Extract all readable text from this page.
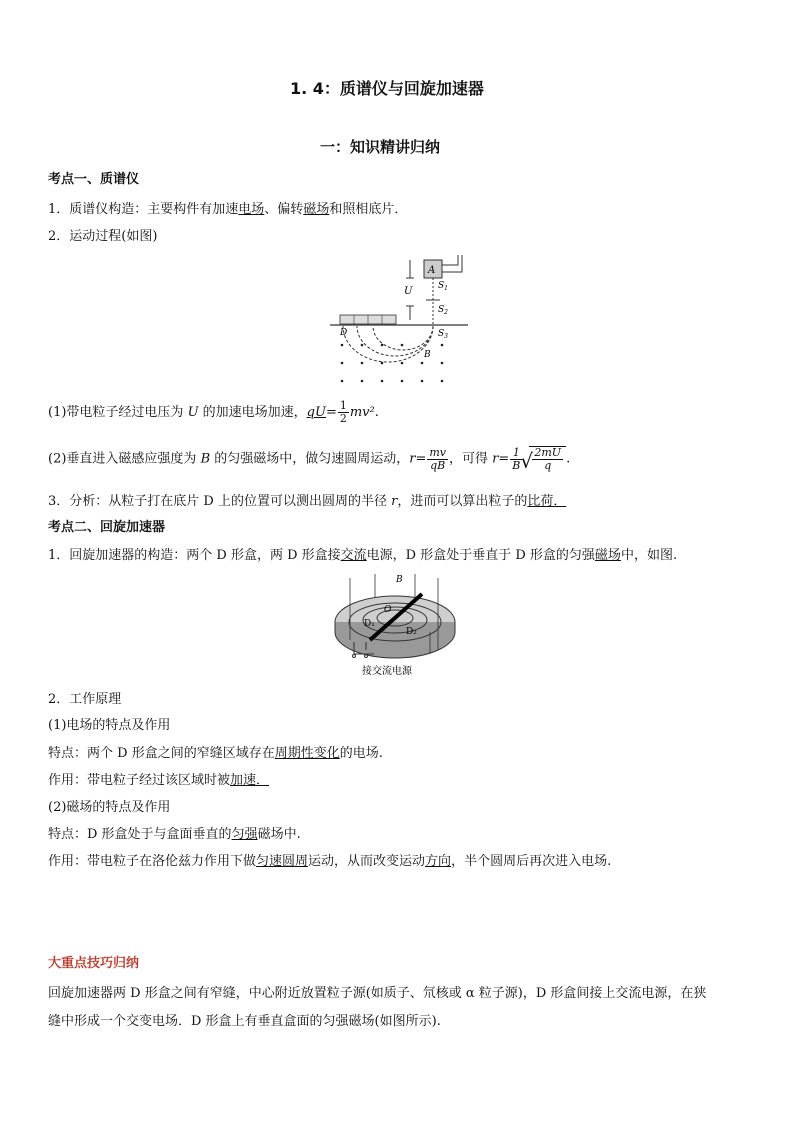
1. 4：质谱仪与回旋加速器
一：知识精讲归纳
考点一、质谱仪
1．质谱仪构造：主要构件有加速电场、偏转磁场和照相底片．
2．运动过程(如图)
A
U	$S_1$
$S_2$
D	$S_3$
B
(1)带电粒子经过电压为 U 的加速电场加速，$qU= \frac{1}{2} mv^2$.
(2)垂直进入磁感应强度为 B 的匀强磁场中，做匀速圆周运动，$r= \frac{mv}{qB}$ ，可得 $r= \frac{1}{B}$
√ $\frac{2mU}{q}$ .
3．分析：从粒子打在底片 D 上的位置可以测出圆周的半径 r，进而可以算出粒子的比荷．
考点二、回旋加速器
1．回旋加速器的构造：两个 D 形盒，两 D 形盒接交流电源，D 形盒处于垂直于 D 形盒的匀强磁场中，如图.
B
O
D₁
D₂
接交流电源
2．工作原理
(1)电场的特点及作用
特点：两个 D 形盒之间的窄缝区域存在周期性变化的电场.
作用：带电粒子经过该区域时被加速．
(2)磁场的特点及作用
特点：D 形盒处于与盒面垂直的匀强磁场中.
作用：带电粒子在洛伦兹力作用下做匀速圆周运动，从而改变运动方向，半个圆周后再次进入电场.
大重点技巧归纳
回旋加速器两 D 形盒之间有窄缝，中心附近放置粒子源(如质子、氘核或 α 粒子源)，D 形盒间接上交流电源，在狭
缝中形成一个交变电场．D 形盒上有垂直盒面的匀强磁场(如图所示).
